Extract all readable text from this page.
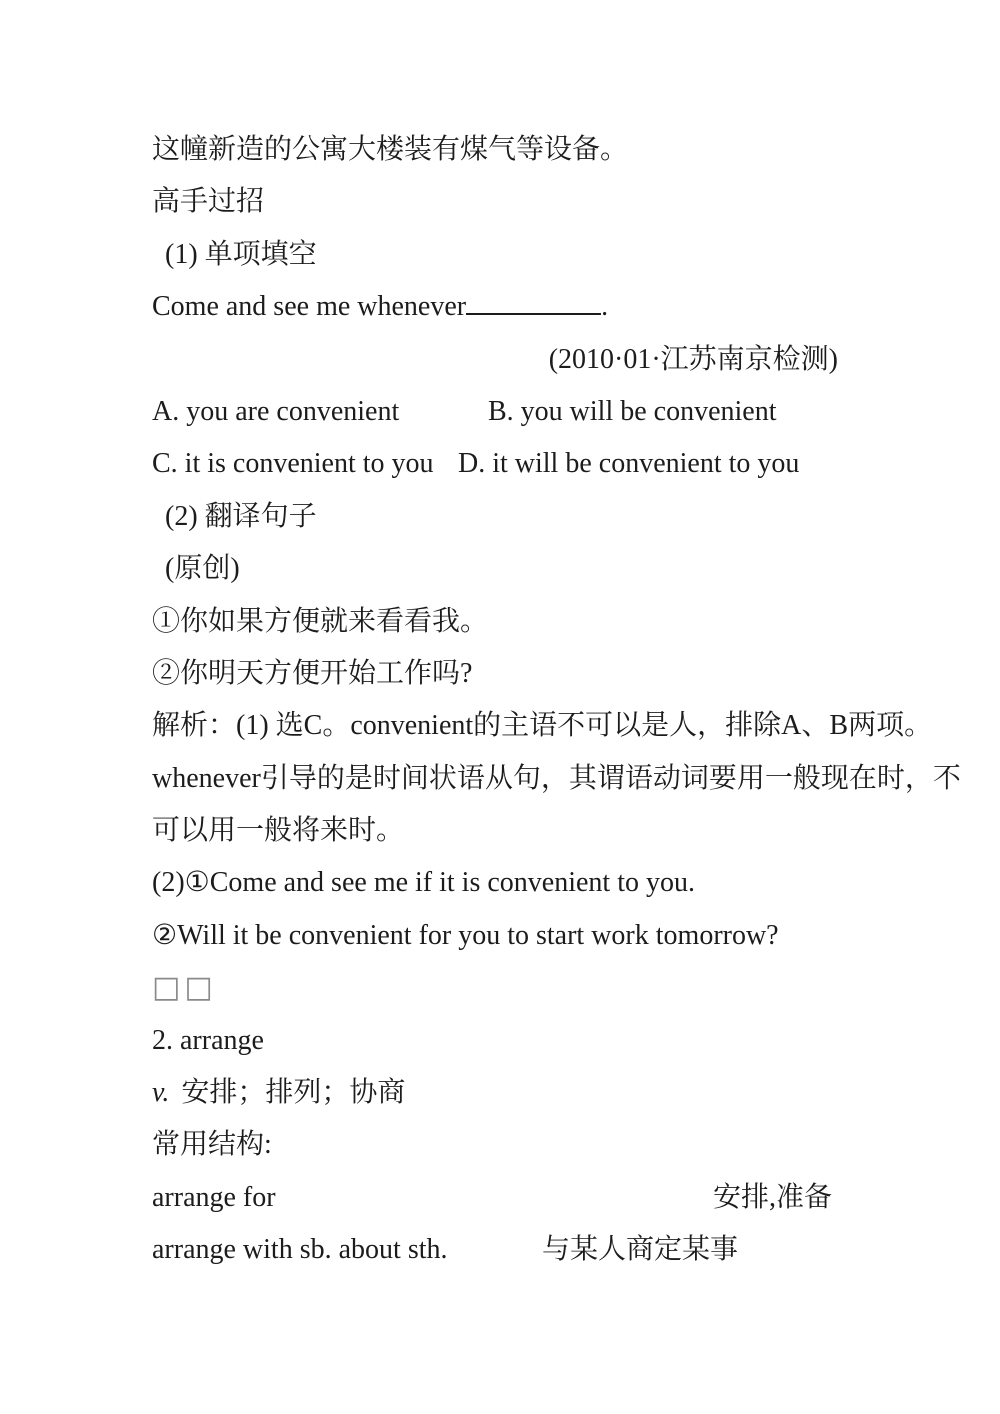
这幢新造的公寓大楼装有煤气等设备。
高手过招
(1) 单项填空
Come and see me whenever	.
(2010·01·江苏南京检测)
A. you are convenient	B. you will be convenient
C. it is convenient to you D. it will be convenient to you
(2) 翻译句子
(原创)
①你如果方便就来看看我。
②你明天方便开始工作吗?
解析：(1) 选C。convenient的主语不可以是人，排除A、B两项。
whenever引导的是时间状语从句，其谓语动词要用一般现在时，不
可以用一般将来时。
(2)①Come and see me if it is convenient to you.
②Will it be convenient for you to start work tomorrow?
□□
2. arrange
v. 安排；排列；协商
常用结构:
arrange for	安排,准备
arrange with sb. about sth.	与某人商定某事
